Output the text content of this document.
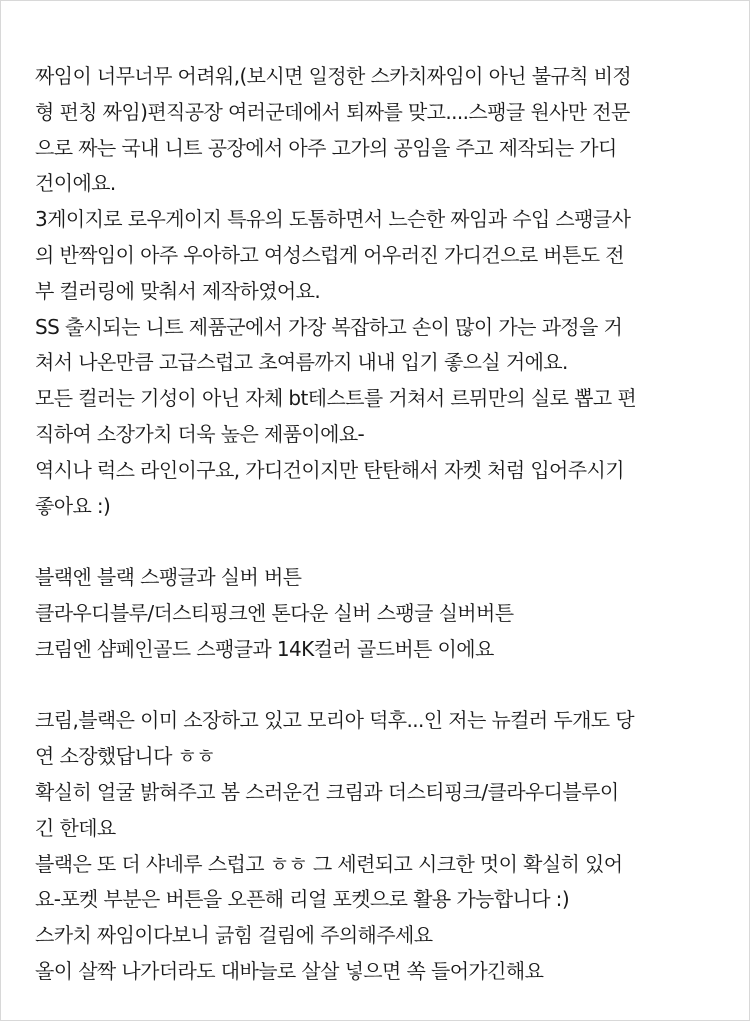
짜임이 너무너무 어려워,(보시면 일정한 스카치짜임이 아닌 불규칙 비정
형 펀칭 짜임)편직공장 여러군데에서 퇴짜를 맞고....스팽글 원사만 전문
으로 짜는 국내 니트 공장에서 아주 고가의 공임을 주고 제작되는 가디
건이에요.
3게이지로 로우게이지 특유의 도톰하면서 느슨한 짜임과 수입 스팽글사
의 반짝임이 아주 우아하고 여성스럽게 어우러진 가디건으로 버튼도 전
부 컬러링에 맞춰서 제작하였어요.
SS 출시되는 니트 제품군에서 가장 복잡하고 손이 많이 가는 과정을 거
쳐서 나온만큼 고급스럽고 초여름까지 내내 입기 좋으실 거에요.
모든 컬러는 기성이 아닌 자체 bt테스트를 거쳐서 르뮈만의 실로 뽑고 편
직하여 소장가치 더욱 높은 제품이에요-
역시나 럭스 라인이구요, 가디건이지만 탄탄해서 자켓 처럼 입어주시기
좋아요 :)
블랙엔 블랙 스팽글과 실버 버튼
클라우디블루/더스티핑크엔 톤다운 실버 스팽글 실버버튼
크림엔 샴페인골드 스팽글과 14K컬러 골드버튼 이에요
크림,블랙은 이미 소장하고 있고 모리아 덕후...인 저는 뉴컬러 두개도 당
연 소장했답니다 ㅎㅎ
확실히 얼굴 밝혀주고 봄 스러운건 크림과 더스티핑크/클라우디블루이
긴 한데요
블랙은 또 더 샤네루 스럽고 ㅎㅎ 그 세련되고 시크한 멋이 확실히 있어
요-포켓 부분은 버튼을 오픈해 리얼 포켓으로 활용 가능합니다 :)
스카치 짜임이다보니 긁힘 걸림에 주의해주세요
올이 살짝 나가더라도 대바늘로 살살 넣으면 쏙 들어가긴해요
